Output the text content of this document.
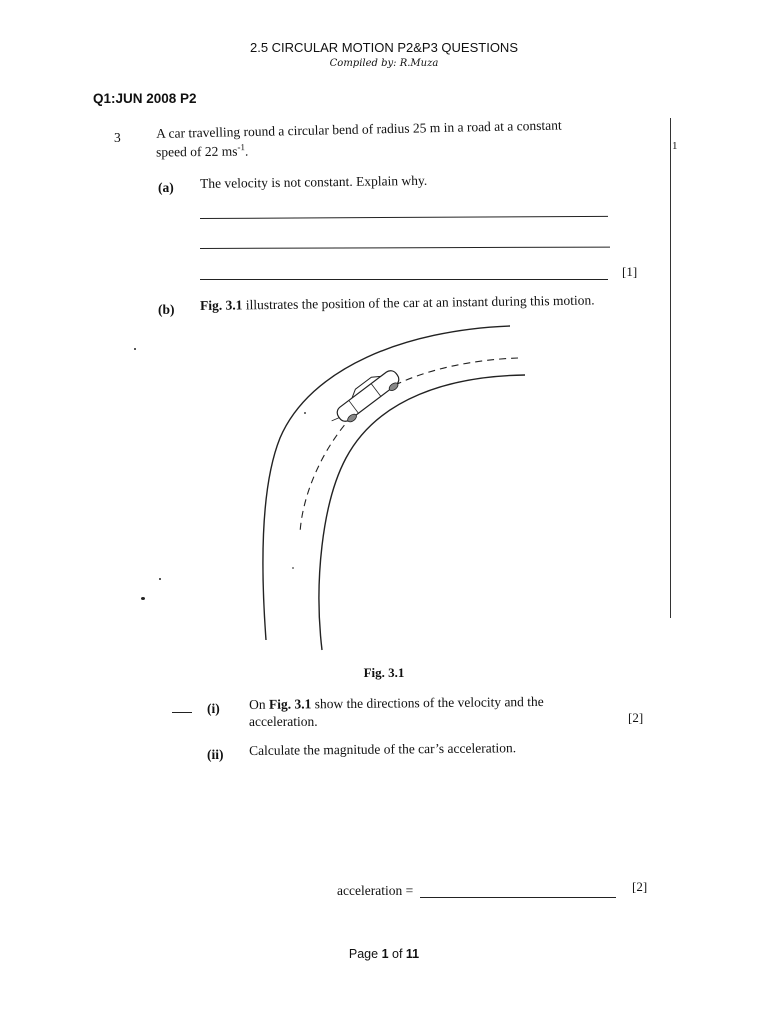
2.5 CIRCULAR MOTION P2&P3 QUESTIONS
Compiled by: R.Muza
Q1:JUN 2008 P2
1
3	A car travelling round a circular bend of radius 25 m in a road at a constant
speed of 22 $ms^{-1}$.
(a) The velocity is not constant. Explain why.
[1]
(b) Fig. 3.1 illustrates the position of the car at an instant during this motion.
Fig. 3.1
(i) On Fig. 3.1 show the directions of the velocity and the
acceleration.	[2]
(ii) Calculate the magnitude of the car’s acceleration.
acceleration =	[2]
Page 1 of 11
